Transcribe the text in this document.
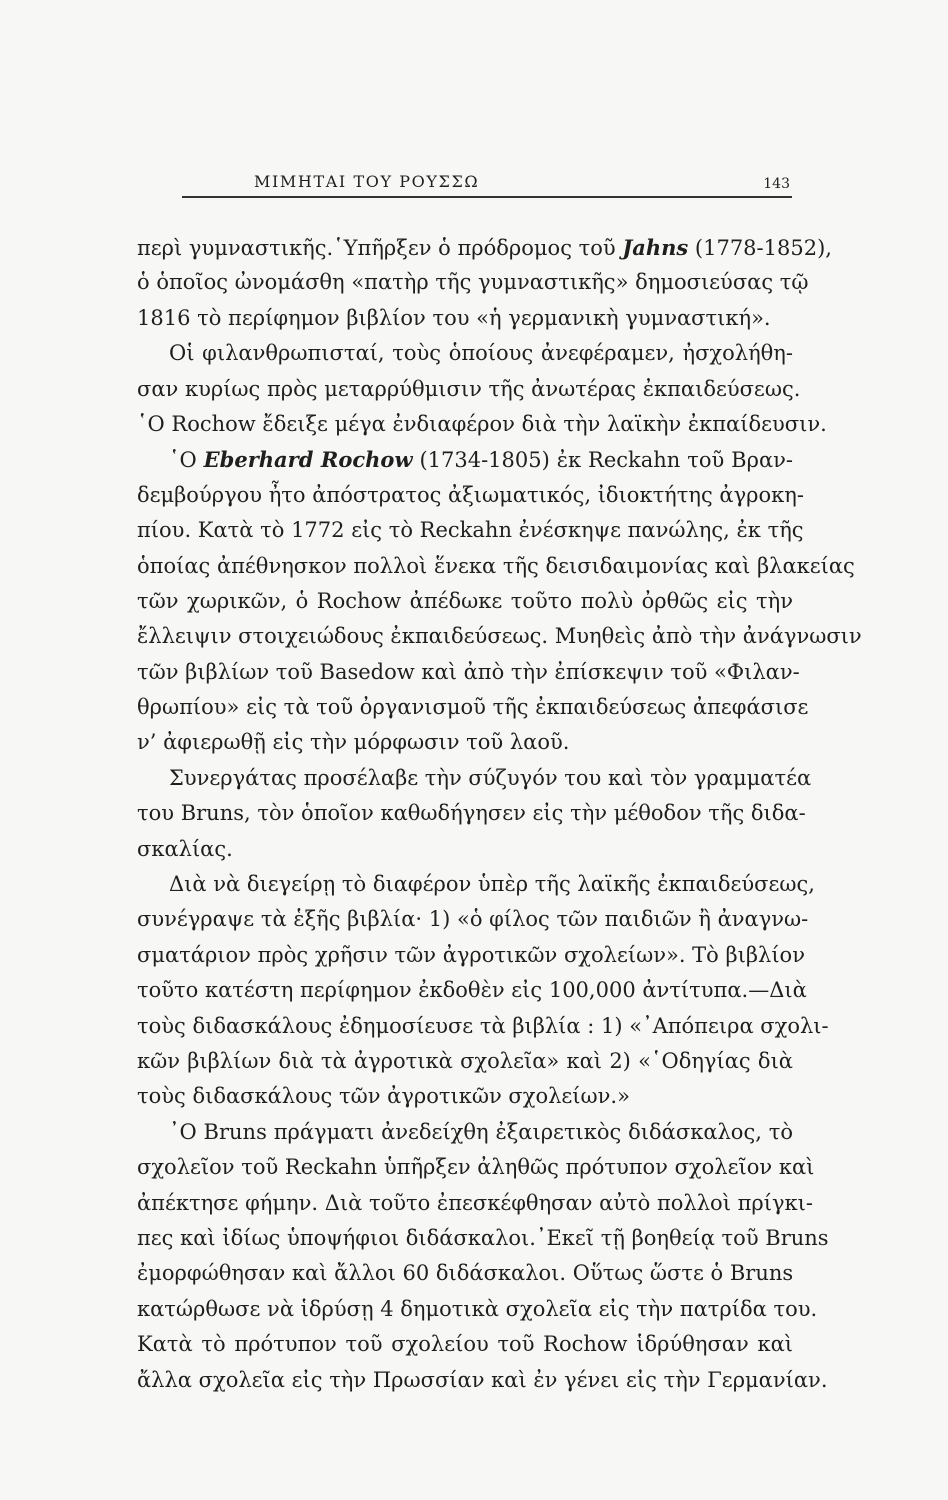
ΜΙΜΗΤΑΙ ΤΟΥ ΡΟΥΣΣΩ	143
περὶ γυμναστικῆς.῾Υπῆρξεν ὁ πρόδρομος τοῦ Jahns (1778-1852),
ὁ ὁποῖος ὠνομάσθη «πατὴρ τῆς γυμναστικῆς» δημοσιεύσας τῷ
1816 τὸ περίφημον βιβλίον του «ἡ γερμανικὴ γυμναστική».
Οἱ φιλανθρωπισταί, τοὺς ὁποίους ἀνεφέραμεν, ἠσχολήθη-
σαν κυρίως πρὸς μεταρρύθμισιν τῆς ἀνωτέρας ἐκπαιδεύσεως.
῾Ο Rochow ἔδειξε μέγα ἐνδιαφέρον διὰ τὴν λαϊκὴν ἐκπαίδευσιν.
῾Ο Eberhard Rochow (1734-1805) ἐκ Reckahn τοῦ Βραν-
δεμβούργου ἦτο ἀπόστρατος ἀξιωματικός, ἰδιοκτήτης ἀγροκη-
πίου. Κατὰ τὸ 1772 εἰς τὸ Reckahn ἐνέσκηψε πανώλης, ἐκ τῆς
ὁποίας ἀπέθνησκον πολλοὶ ἕνεκα τῆς δεισιδαιμονίας καὶ βλακείας
τῶν χωρικῶν, ὁ Rochow ἀπέδωκε τοῦτο πολὺ ὀρθῶς εἰς τὴν
ἔλλειψιν στοιχειώδους ἐκπαιδεύσεως. Μυηθεὶς ἀπὸ τὴν ἀνάγνωσιν
τῶν βιβλίων τοῦ Basedow καὶ ἀπὸ τὴν ἐπίσκεψιν τοῦ «Φιλαν-
θρωπίου» εἰς τὰ τοῦ ὀργανισμοῦ τῆς ἐκπαιδεύσεως ἀπεφάσισε
ν’ ἀφιερωθῇ εἰς τὴν μόρφωσιν τοῦ λαοῦ.
Συνεργάτας προσέλαβε τὴν σύζυγόν του καὶ τὸν γραμματέα
του Bruns, τὸν ὁποῖον καθωδήγησεν εἰς τὴν μέθοδον τῆς διδα-
σκαλίας.
Διὰ νὰ διεγείρῃ τὸ διαφέρον ὑπὲρ τῆς λαϊκῆς ἐκπαιδεύσεως,
συνέγραψε τὰ ἑξῆς βιβλία· 1) «ὁ φίλος τῶν παιδιῶν ἢ ἀναγνω-
σματάριον πρὸς χρῆσιν τῶν ἀγροτικῶν σχολείων». Τὸ βιβλίον
τοῦτο κατέστη περίφημον ἐκδοθὲν εἰς 100,000 ἀντίτυπα.—Διὰ
τοὺς διδασκάλους ἐδημοσίευσε τὰ βιβλία : 1) «᾿Απόπειρα σχολι-
κῶν βιβλίων διὰ τὰ ἀγροτικὰ σχολεῖα» καὶ 2) «῾Οδηγίας διὰ
τοὺς διδασκάλους τῶν ἀγροτικῶν σχολείων.»
᾿Ο Bruns πράγματι ἀνεδείχθη ἐξαιρετικὸς διδάσκαλος, τὸ
σχολεῖον τοῦ Reckahn ὑπῆρξεν ἀληθῶς πρότυπον σχολεῖον καὶ
ἀπέκτησε φήμην. Διὰ τοῦτο ἐπεσκέφθησαν αὐτὸ πολλοὶ πρίγκι-
πες καὶ ἰδίως ὑποψήφιοι διδάσκαλοι.᾿Εκεῖ τῇ βοηθείᾳ τοῦ Bruns
ἐμορφώθησαν καὶ ἄλλοι 60 διδάσκαλοι. Οὕτως ὥστε ὁ Bruns
κατώρθωσε νὰ ἱδρύσῃ 4 δημοτικὰ σχολεῖα εἰς τὴν πατρίδα του.
Κατὰ τὸ πρότυπον τοῦ σχολείου τοῦ Rochow ἱδρύθησαν καὶ
ἄλλα σχολεῖα εἰς τὴν Πρωσσίαν καὶ ἐν γένει εἰς τὴν Γερμανίαν.
